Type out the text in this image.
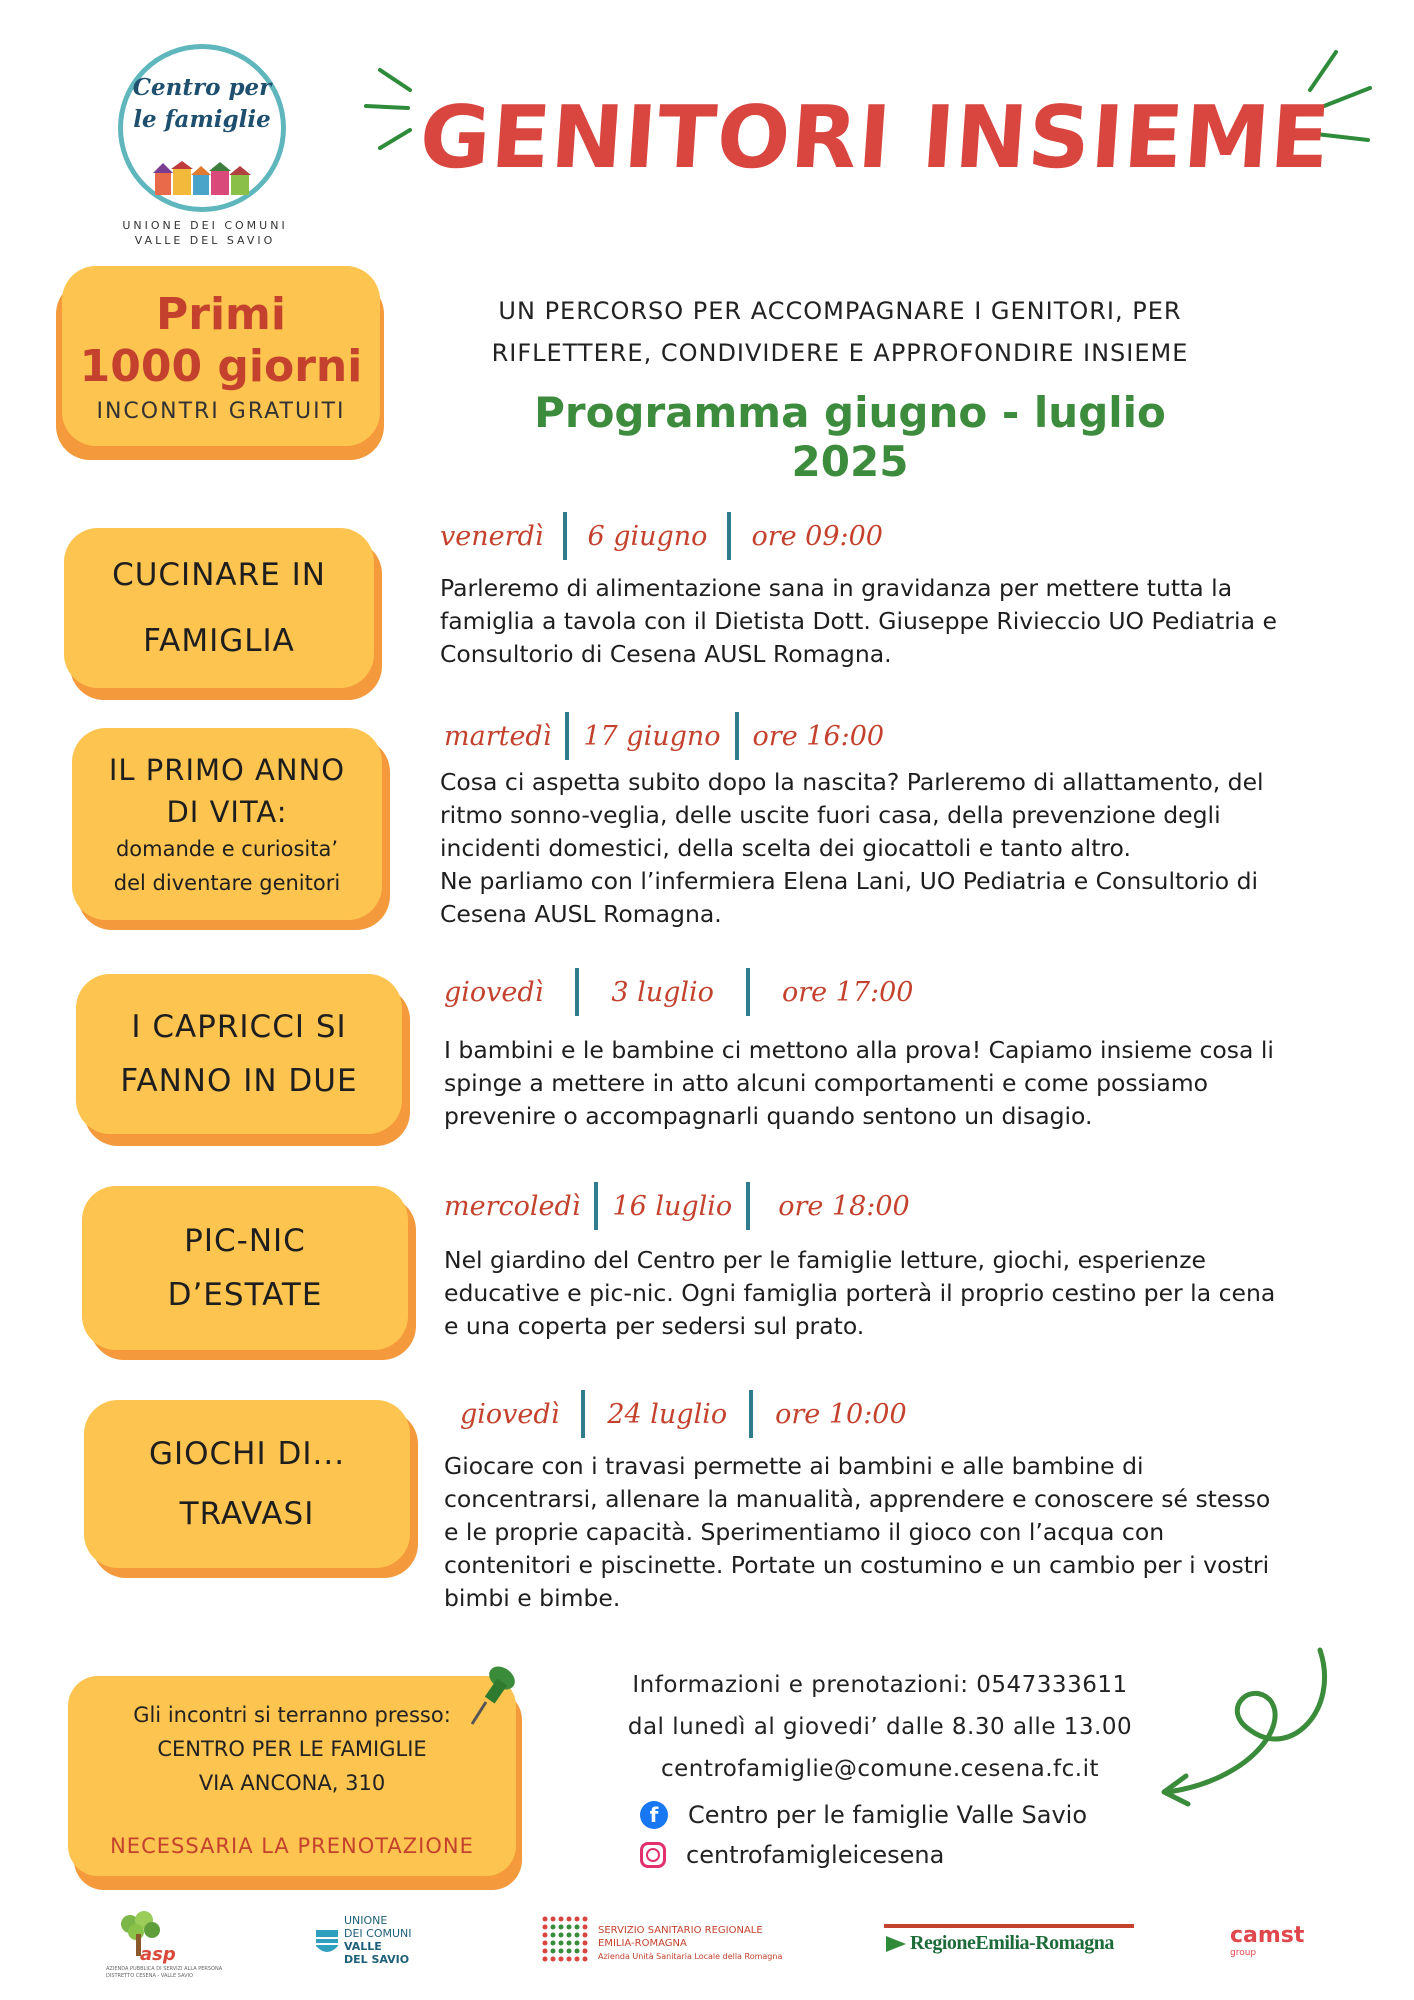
Centro per
le famiglie
UNIONE DEI COMUNI
VALLE DEL SAVIO
GENITORI INSIEME
Primi
1000 giorni
INCONTRI GRATUITI
UN PERCORSO PER ACCOMPAGNARE I GENITORI, PER
RIFLETTERE, CONDIVIDERE E APPROFONDIRE INSIEME
Programma giugno - luglio 2025
CUCINARE IN
FAMIGLIA
venerdì 6 giugno ore 09:00
Parleremo di alimentazione sana in gravidanza per mettere tutta la
famiglia a tavola con il Dietista Dott. Giuseppe Rivieccio UO Pediatria e
Consultorio di Cesena AUSL Romagna.
IL PRIMO ANNO
DI VITA:
domande e curiosita’
del diventare genitori
martedì 17 giugno ore 16:00
Cosa ci aspetta subito dopo la nascita? Parleremo di allattamento, del
ritmo sonno-veglia, delle uscite fuori casa, della prevenzione degli
incidenti domestici, della scelta dei giocattoli e tanto altro.
Ne parliamo con l’infermiera Elena Lani, UO Pediatria e Consultorio di
Cesena AUSL Romagna.
I CAPRICCI SI
FANNO IN DUE
giovedì	3 luglio	ore 17:00
I bambini e le bambine ci mettono alla prova! Capiamo insieme cosa li
spinge a mettere in atto alcuni comportamenti e come possiamo
prevenire o accompagnarli quando sentono un disagio.
PIC-NIC
D’ESTATE
mercoledì 16 luglio ore 18:00
Nel giardino del Centro per le famiglie letture, giochi, esperienze
educative e pic-nic. Ogni famiglia porterà il proprio cestino per la cena
e una coperta per sedersi sul prato.
GIOCHI DI...
TRAVASI
giovedì 24 luglio ore 10:00
Giocare con i travasi permette ai bambini e alle bambine di
concentrarsi, allenare la manualità, apprendere e conoscere sé stesso
e le proprie capacità. Sperimentiamo il gioco con l’acqua con
contenitori e piscinette. Portate un costumino e un cambio per i vostri
bimbi e bimbe.
Gli incontri si terranno presso:
CENTRO PER LE FAMIGLIE
VIA ANCONA, 310
NECESSARIA LA PRENOTAZIONE
Informazioni e prenotazioni: 0547333611
dal lunedì al giovedi’ dalle 8.30 alle 13.00
centrofamiglie@comune.cesena.fc.it
f	Centro per le famiglie Valle Savio
centrofamigleicesena
asp
AZIENDA PUBBLICA DI SERVIZI ALLA PERSONA
DISTRETTO CESENA - VALLE SAVIO
UNIONE
DEI COMUNI
VALLE
DEL SAVIO
SERVIZIO SANITARIO REGIONALE
EMILIA-ROMAGNA
Azienda Unità Sanitaria Locale della Romagna
RegioneEmilia-Romagna	camst
group
